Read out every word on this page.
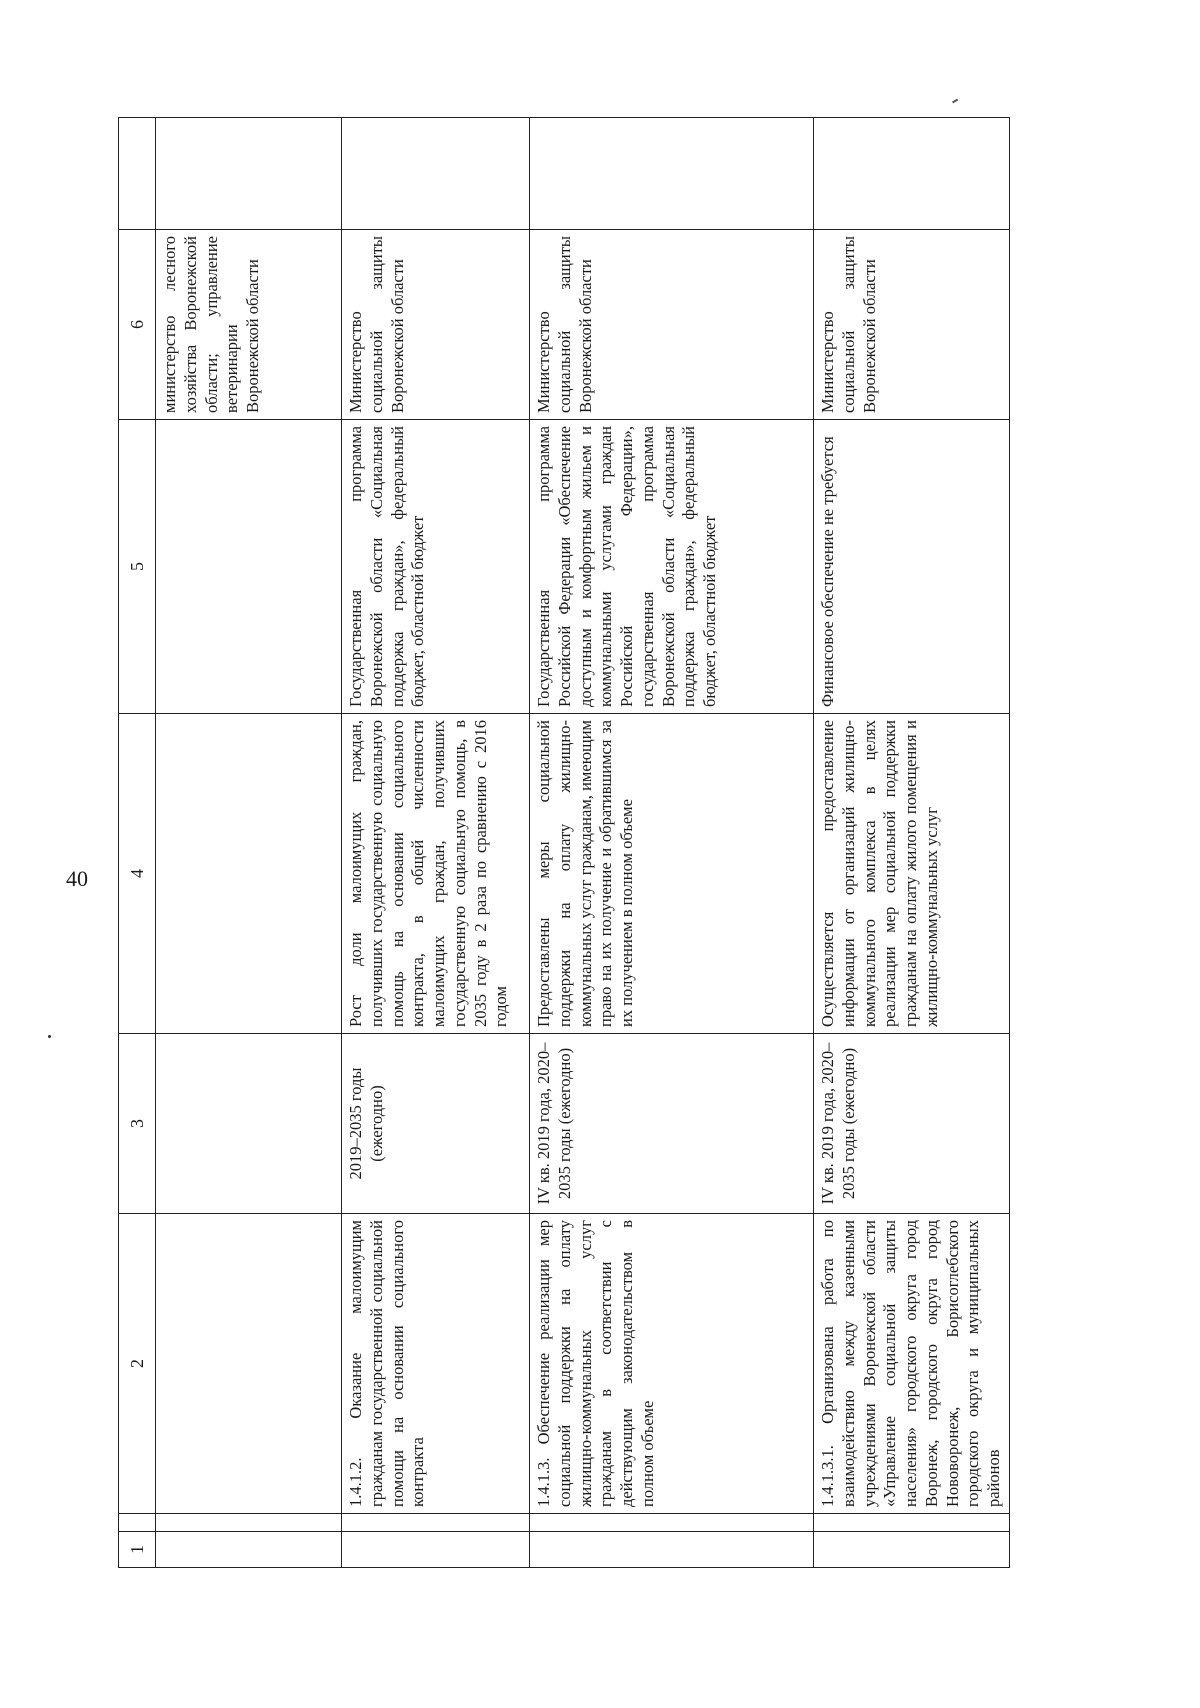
40
1		2	3	4	5	6	
						министерство лесного хозяйства Воронежской области; управление ветеринарии Воронежской области	
		1.4.1.2. Оказание малоимущим гражданам государственной социальной помощи на основании социального контракта	2019–2035 годы (ежегодно)	Рост доли малоимущих граждан, получивших государственную социальную помощь на основании социального контракта, в общей численности малоимущих граждан, получивших государственную социальную помощь, в 2035 году в 2 раза по сравнению с 2016 годом	Государственная программа Воронежской области «Социальная поддержка граждан», федеральный бюджет, областной бюджет	Министерство социальной защиты Воронежской области	
		1.4.1.3. Обеспечение реализации мер социальной поддержки на оплату жилищно-коммунальных услуг гражданам в соответствии с действующим законодательством в полном объеме	IV кв. 2019 года, 2020–2035 годы (ежегодно)	Предоставлены меры социальной поддержки на оплату жилищно-коммунальных услуг гражданам, имеющим право на их получение и обратившимся за их получением в полном объеме	Государственная программа Российской Федерации «Обеспечение доступным и комфортным жильем и коммунальными услугами граждан Российской Федерации», государственная программа Воронежской области «Социальная поддержка граждан», федеральный бюджет, областной бюджет	Министерство социальной защиты Воронежской области	
		1.4.1.3.1. Организована работа по взаимодействию между казенными учреждениями Воронежской области «Управление социальной защиты населения» городского округа город Воронеж, городского округа город Нововоронеж, Борисоглебского городского округа и муниципальных районов	IV кв. 2019 года, 2020–2035 годы (ежегодно)	Осуществляется предоставление информации от организаций жилищно-коммунального комплекса в целях реализации мер социальной поддержки гражданам на оплату жилого помещения и жилищно-коммунальных услуг	Финансовое обеспечение не требуется	Министерство социальной защиты Воронежской области	
